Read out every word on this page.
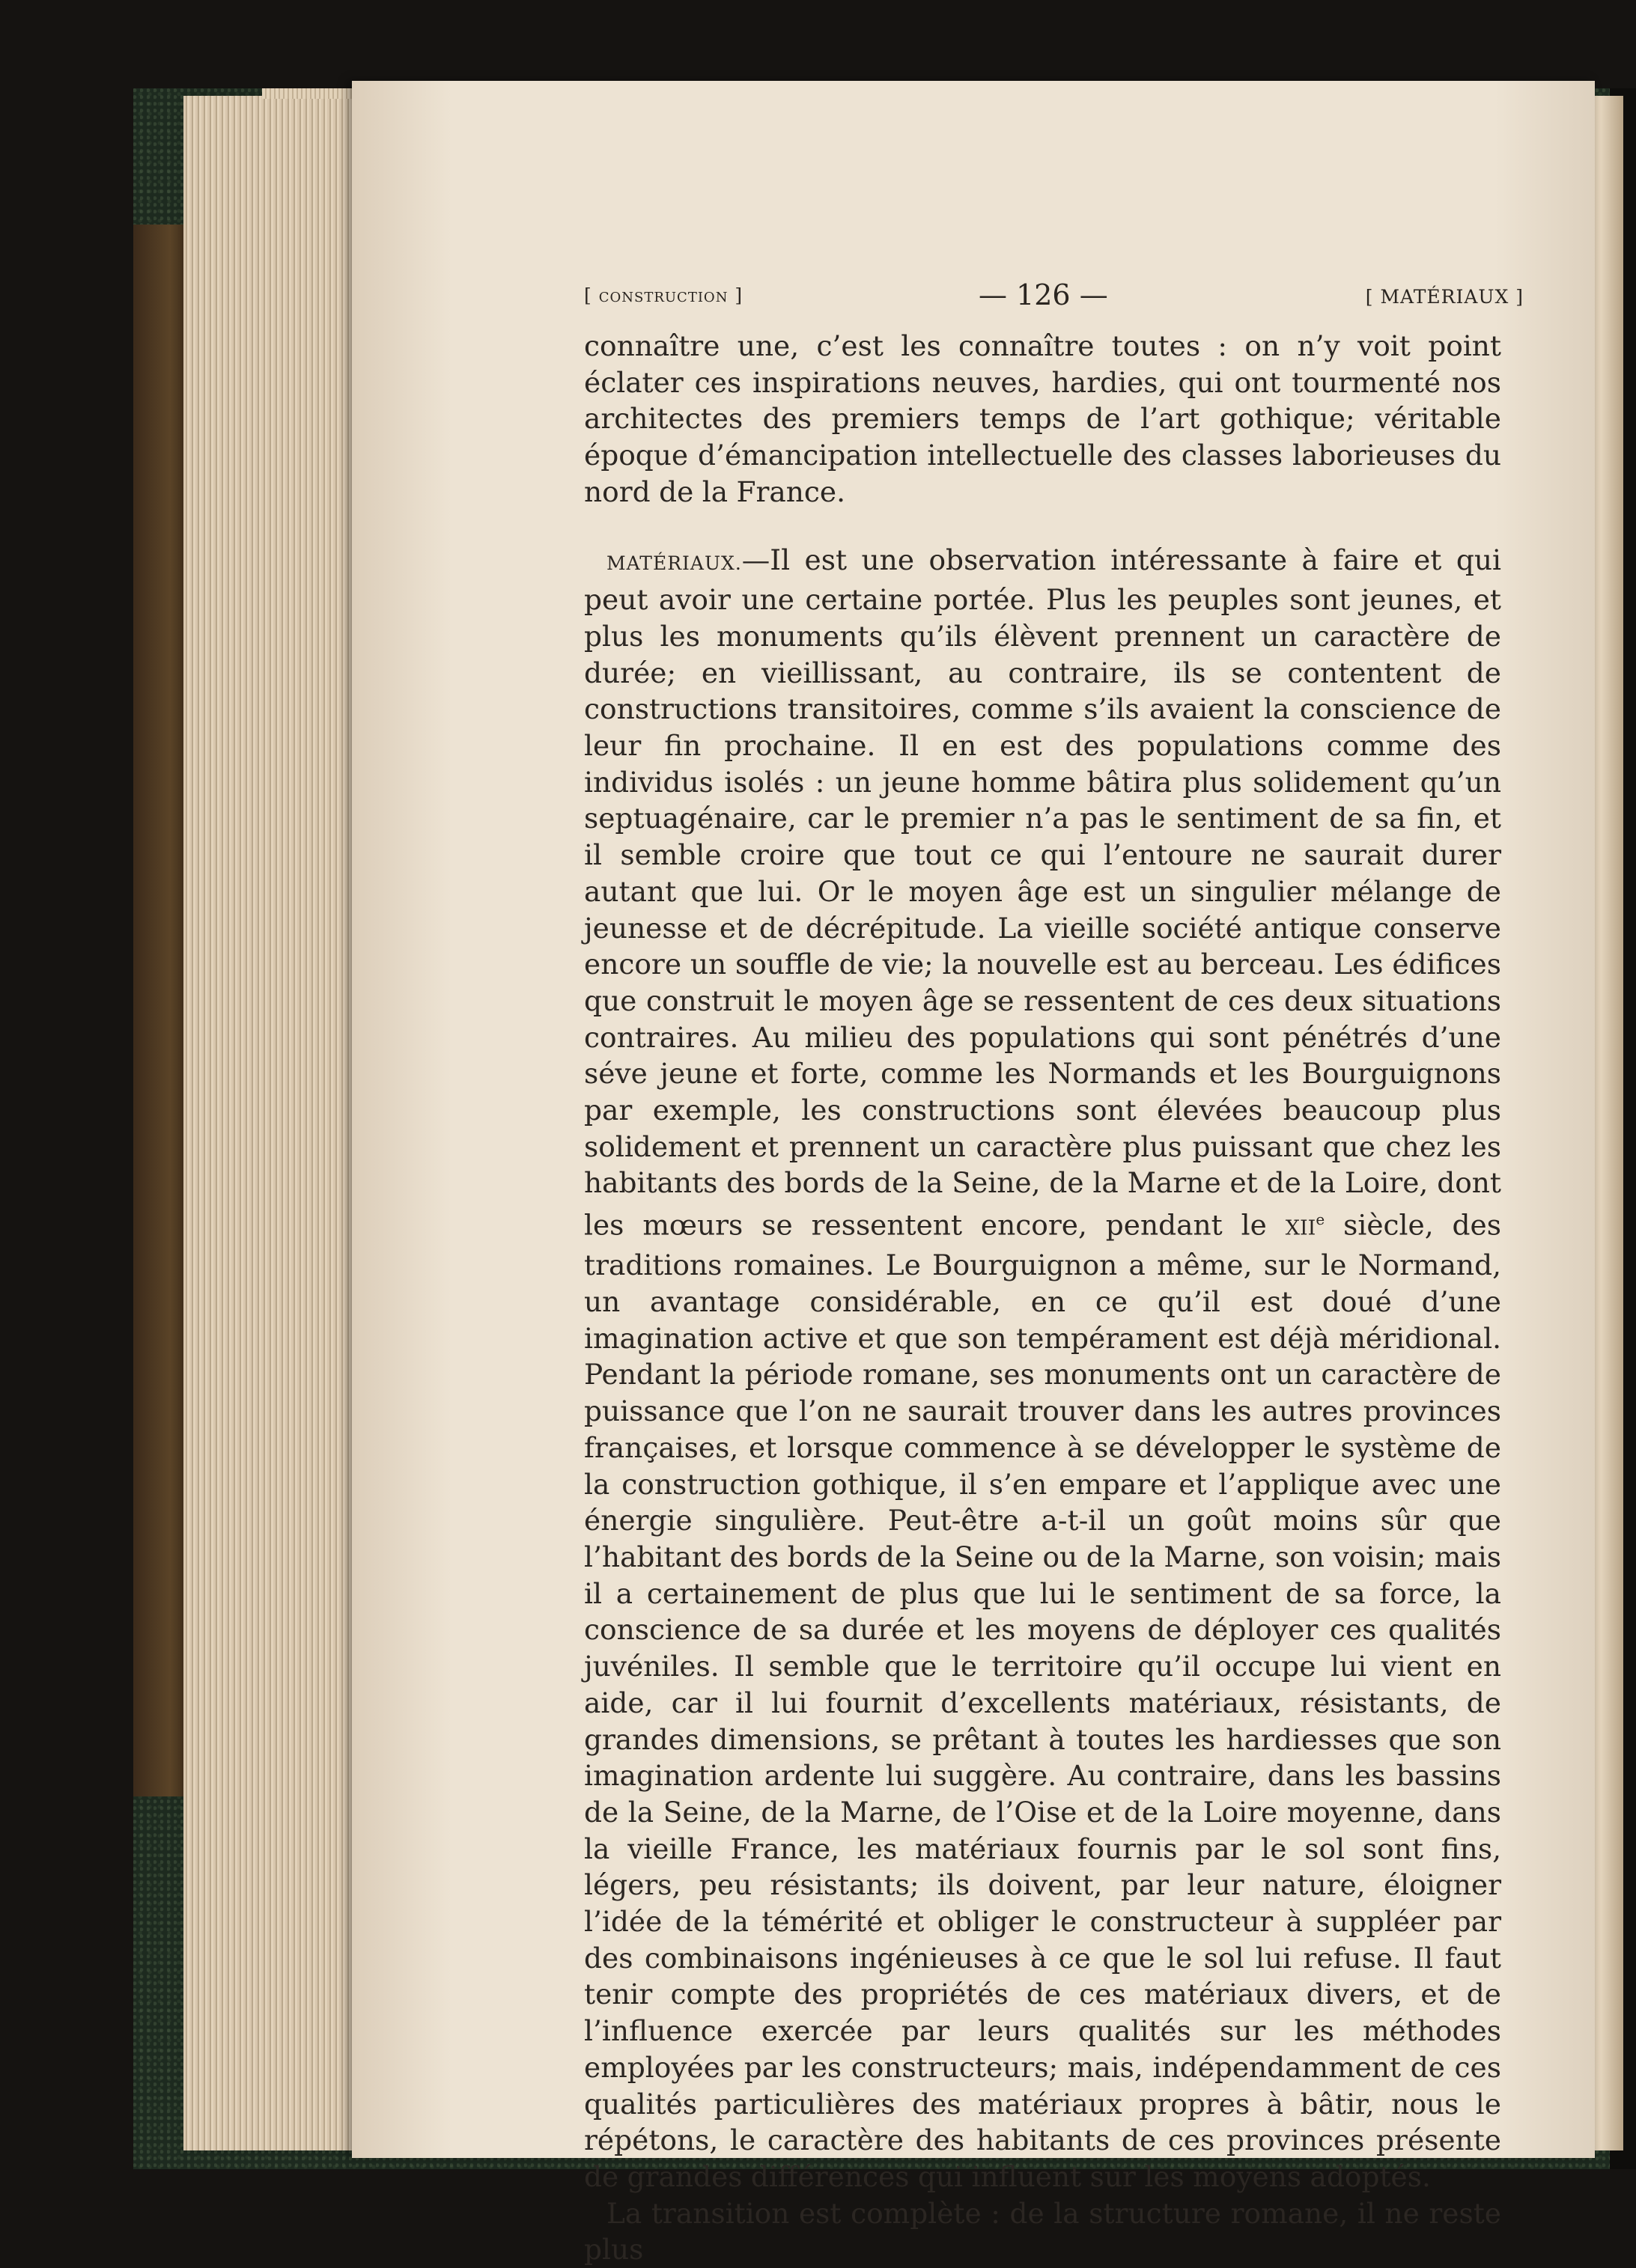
[ construction ]	— 126 —	[ MATÉRIAUX ]

connaître une, c’est les connaître toutes : on n’y voit point éclater ces inspirations neuves, hardies, qui ont tourmenté nos architectes des premiers temps de l’art gothique; véritable époque d’émancipation intellectuelle des classes laborieuses du nord de la France.

MATÉRIAUX.—Il est une observation intéressante à faire et qui peut avoir une certaine portée. Plus les peuples sont jeunes, et plus les monuments qu’ils élèvent prennent un caractère de durée; en vieillissant, au contraire, ils se contentent de constructions transitoires, comme s’ils avaient la conscience de leur fin prochaine. Il en est des populations comme des individus isolés : un jeune homme bâtira plus solidement qu’un septuagénaire, car le premier n’a pas le sentiment de sa fin, et il semble croire que tout ce qui l’entoure ne saurait durer autant que lui. Or le moyen âge est un singulier mélange de jeunesse et de décrépitude. La vieille société antique conserve encore un souffle de vie; la nouvelle est au berceau. Les édifices que construit le moyen âge se ressentent de ces deux situations contraires. Au milieu des populations qui sont pénétrés d’une séve jeune et forte, comme les Normands et les Bourguignons par exemple, les constructions sont élevées beaucoup plus solidement et prennent un caractère plus puissant que chez les habitants des bords de la Seine, de la Marne et de la Loire, dont les mœurs se ressentent encore, pendant le XIIe siècle, des traditions romaines. Le Bourguignon a même, sur le Normand, un avantage considérable, en ce qu’il est doué d’une imagination active et que son tempérament est déjà méridional. Pendant la période romane, ses monuments ont un caractère de puissance que l’on ne saurait trouver dans les autres provinces françaises, et lorsque commence à se développer le système de la construction gothique, il s’en empare et l’applique avec une énergie singulière. Peut-être a-t-il un goût moins sûr que l’habitant des bords de la Seine ou de la Marne, son voisin; mais il a certainement de plus que lui le sentiment de sa force, la conscience de sa durée et les moyens de déployer ces qualités juvéniles. Il semble que le territoire qu’il occupe lui vient en aide, car il lui fournit d’excellents matériaux, résistants, de grandes dimensions, se prêtant à toutes les hardiesses que son imagination ardente lui suggère. Au contraire, dans les bassins de la Seine, de la Marne, de l’Oise et de la Loire moyenne, dans la vieille France, les matériaux fournis par le sol sont fins, légers, peu résistants; ils doivent, par leur nature, éloigner l’idée de la témérité et obliger le constructeur à suppléer par des combinaisons ingénieuses à ce que le sol lui refuse. Il faut tenir compte des propriétés de ces matériaux divers, et de l’influence exercée par leurs qualités sur les méthodes employées par les constructeurs; mais, indépendamment de ces qualités particulières des matériaux propres à bâtir, nous le répétons, le caractère des habitants de ces provinces présente de grandes différences qui influent sur les moyens adoptés.

La transition est complète : de la structure romane, il ne reste plus
